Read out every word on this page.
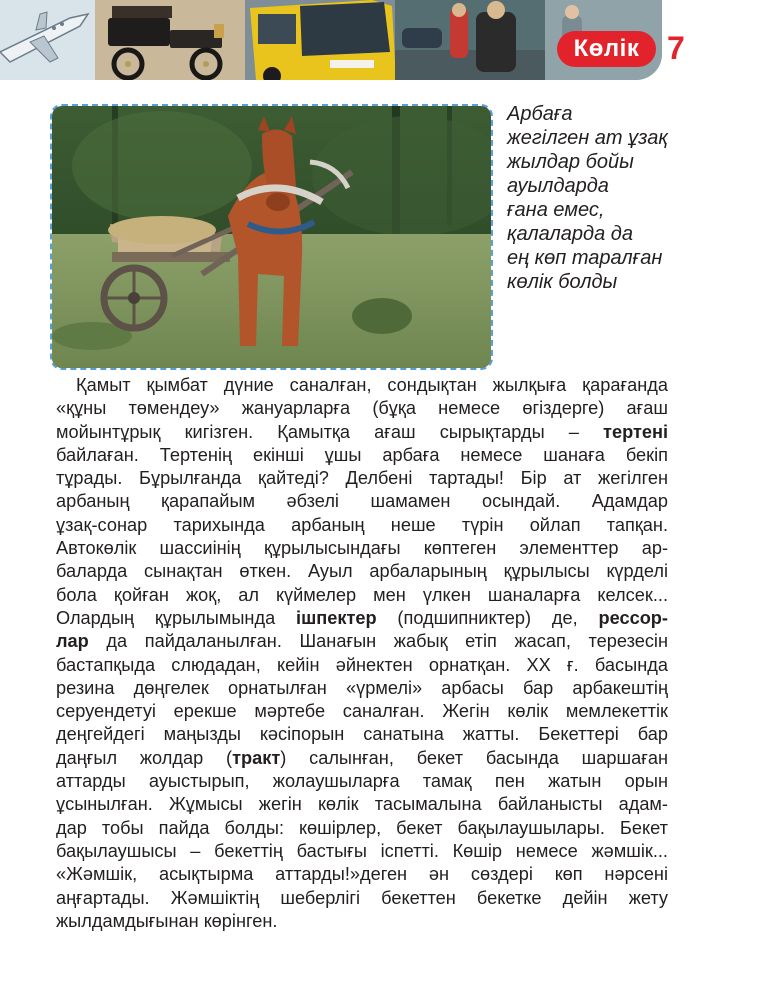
Көлік 7
Арбаға
жегілген ат ұзақ
жылдар бойы
ауылдарда
ғана емес,
қалаларда да
ең көп таралған
көлік болды
Қамыт қымбат дүние саналған, сондықтан жылқыға қарағанда
«құны төмендеу» жануарларға (бұқа немесе өгіздерге) ағаш
мойынтұрық кигізген. Қамытқа ағаш сырықтарды – тертені
байлаған. Тертенің екінші ұшы арбаға немесе шанаға бекіп
тұрады. Бұрылғанда қайтеді? Делбені тартады! Бір ат жегілген
арбаның қарапайым әбзелі шамамен осындай. Адамдар
ұзақ-сонар тарихында арбаның неше түрін ойлап тапқан.
Автокөлік шассиінің құрылысындағы көптеген элементтер ар-
баларда сынақтан өткен. Ауыл арбаларының құрылысы күрделі
бола қойған жоқ, ал күймелер мен үлкен шаналарға келсек...
Олардың құрылымында ішпектер (подшипниктер) де, рессор-
лар да пайдаланылған. Шанағын жабық етіп жасап, терезесін
бастапқыда слюдадан, кейін әйнектен орнатқан. XX ғ. басында
резина дөңгелек орнатылған «үрмелі» арбасы бар арбакештің
серуендетуі ерекше мәртебе саналған. Жегін көлік мемлекеттік
деңгейдегі маңызды кәсіпорын санатына жатты. Бекеттері бар
даңғыл жолдар (тракт) салынған, бекет басында шаршаған
аттарды ауыстырып, жолаушыларға тамақ пен жатын орын
ұсынылған. Жұмысы жегін көлік тасымалына байланысты адам-
дар тобы пайда болды: көшірлер, бекет бақылаушылары. Бекет
бақылаушысы – бекеттің бастығы іспетті. Көшір немесе жәмшік...
«Жәмшік, асықтырма аттарды!»деген ән сөздері көп нәрсені
аңғартады. Жәмшіктің шеберлігі бекеттен бекетке дейін жету
жылдамдығынан көрінген.
